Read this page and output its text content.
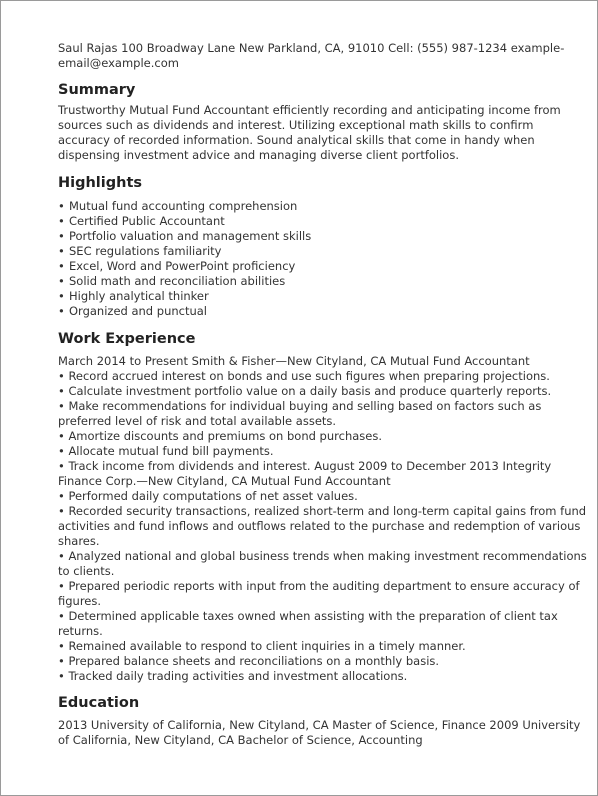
Saul Rajas 100 Broadway Lane New Parkland, CA, 91010 Cell: (555) 987-1234 example-email@example.com

Summary

Trustworthy Mutual Fund Accountant efficiently recording and anticipating income from sources such as dividends and interest. Utilizing exceptional math skills to confirm accuracy of recorded information. Sound analytical skills that come in handy when dispensing investment advice and managing diverse client portfolios.

Highlights
• Mutual fund accounting comprehension
• Certified Public Accountant
• Portfolio valuation and management skills
• SEC regulations familiarity
• Excel, Word and PowerPoint proficiency
• Solid math and reconciliation abilities
• Highly analytical thinker
• Organized and punctual
Work Experience
March 2014 to Present Smith & Fisher—New Cityland, CA Mutual Fund Accountant
• Record accrued interest on bonds and use such figures when preparing projections.
• Calculate investment portfolio value on a daily basis and produce quarterly reports.
• Make recommendations for individual buying and selling based on factors such as preferred level of risk and total available assets.
• Amortize discounts and premiums on bond purchases.
• Allocate mutual fund bill payments.
• Track income from dividends and interest. August 2009 to December 2013 Integrity Finance Corp.—New Cityland, CA Mutual Fund Accountant
• Performed daily computations of net asset values.
• Recorded security transactions, realized short-term and long-term capital gains from fund activities and fund inflows and outflows related to the purchase and redemption of various shares.
• Analyzed national and global business trends when making investment recommendations to clients.
• Prepared periodic reports with input from the auditing department to ensure accuracy of figures.
• Determined applicable taxes owned when assisting with the preparation of client tax returns.
• Remained available to respond to client inquiries in a timely manner.
• Prepared balance sheets and reconciliations on a monthly basis.
• Tracked daily trading activities and investment allocations.
Education

2013 University of California, New Cityland, CA Master of Science, Finance 2009 University of California, New Cityland, CA Bachelor of Science, Accounting
